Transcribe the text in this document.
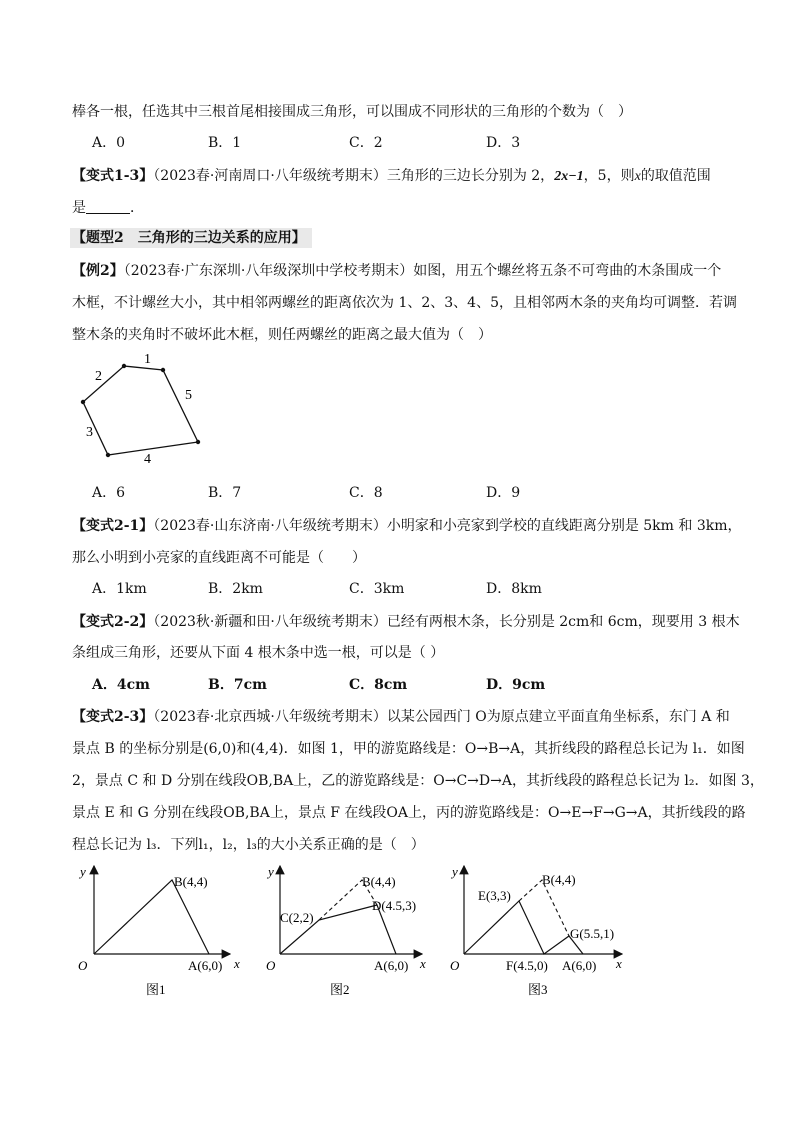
棒各一根，任选其中三根首尾相接围成三角形，可以围成不同形状的三角形的个数为（　）
A．0	B．1	C．2	D．3
【变式1-3】（2023春·河南周口·八年级统考期末）三角形的三边长分别为 2，2x−1，5，则x的取值范围
是	．
【题型2　三角形的三边关系的应用】
【例2】（2023春·广东深圳·八年级深圳中学校考期末）如图，用五个螺丝将五条不可弯曲的木条围成一个
木框，不计螺丝大小，其中相邻两螺丝的距离依次为 1、2、3、4、5，且相邻两木条的夹角均可调整．若调
整木条的夹角时不破坏此木框，则任两螺丝的距离之最大值为（　）
1
2
3
4
5
A．6	B．7	C．8	D．9
【变式2-1】（2023春·山东济南·八年级统考期末）小明家和小亮家到学校的直线距离分别是 5km 和 3km，
那么小明到小亮家的直线距离不可能是（　　）
A．1km	B．2km	C．3km	D．8km
【变式2-2】（2023秋·新疆和田·八年级统考期末）已经有两根木条，长分别是 2cm和 6cm，现要用 3 根木
条组成三角形，还要从下面 4 根木条中选一根，可以是（ ）
A．4cm	B．7cm	C．8cm	D．9cm
【变式2-3】（2023春·北京西城·八年级统考期末）以某公园西门 O为原点建立平面直角坐标系，东门 A 和
景点 B 的坐标分别是(6,0)和(4,4)．如图 1，甲的游览路线是：O→B→A，其折线段的路程总长记为 l₁．如图
2，景点 C 和 D 分别在线段OB,BA上，乙的游览路线是：O→C→D→A，其折线段的路程总长记为 l₂．如图 3，
景点 E 和 G 分别在线段OB,BA上，景点 F 在线段OA上，丙的游览路线是：O→E→F→G→A，其折线段的路
程总长记为 l₃．下列l₁，l₂，l₃的大小关系正确的是（　）
y
x
O
B(4,4)
A(6,0)
图1
y
x
O
C(2,2)
B(4,4)
D(4.5,3)
A(6,0)
图2
y
x
O
E(3,3)
B(4,4)
G(5.5,1)
F(4.5,0) A(6,0)
图3
